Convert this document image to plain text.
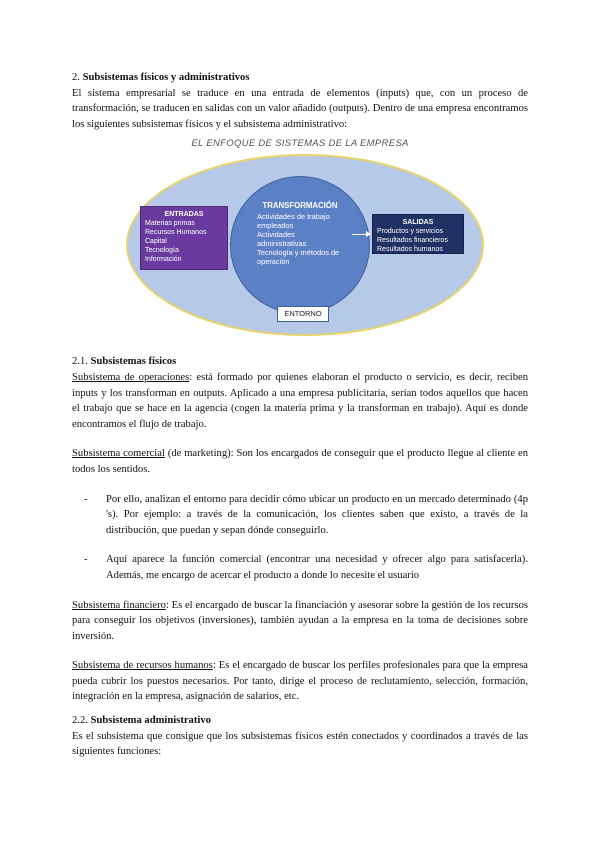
2. Subsistemas físicos y administrativos

El sistema empresarial se traduce en una entrada de elementos (inputs) que, con un proceso de transformación, se traducen en salidas con un valor añadido (outputs). Dentro de una empresa encontramos los siguientes subsistemas físicos y el subsistema administrativo:

EL ENFOQUE DE SISTEMAS DE LA EMPRESA
ENTRADAS
Materias primas
Recursos Humanos
Capital
Tecnología
Información
TRANSFORMACIÓN
Actividades de trabajo
empleados
Actividades
administrativas
Tecnología y métodos de
operación
SALIDAS
Productos y servicios
Resultados financieros
Resultados humanos
ENTORNO

2.1. Subsistemas físicos

Subsistema de operaciones: está formado por quienes elaboran el producto o servicio, es decir, reciben inputs y los transforman en outputs. Aplicado a una empresa publicitaria, serían todos aquellos que hacen el trabajo que se hace en la agencia (cogen la materia prima y la transforman en trabajo). Aquí es donde encontramos el flujo de trabajo.

Subsistema comercial (de marketing): Son los encargados de conseguir que el producto llegue al cliente en todos los sentidos.

-	Por ello, analizan el entorno para decidir cómo ubicar un producto en un mercado determinado (4p 's). Por ejemplo: a través de la comunicación, los clientes saben que existo, a través de la distribución, que puedan y sepan dónde conseguirlo.

-	Aquí aparece la función comercial (encontrar una necesidad y ofrecer algo para satisfacerla). Además, me encargo de acercar el producto a donde lo necesite el usuario

Subsistema financiero: Es el encargado de buscar la financiación y asesorar sobre la gestión de los recursos para conseguir los objetivos (inversiones), también ayudan a la empresa en la toma de decisiones sobre inversión.

Subsistema de recursos humanos: Es el encargado de buscar los perfiles profesionales para que la empresa pueda cubrir los puestos necesarios. Por tanto, dirige el proceso de reclutamiento, selección, formación, integración en la empresa, asignación de salarios, etc.

2.2. Subsistema administrativo

Es el subsistema que consigue que los subsistemas físicos estén conectados y coordinados a través de las siguientes funciones:
